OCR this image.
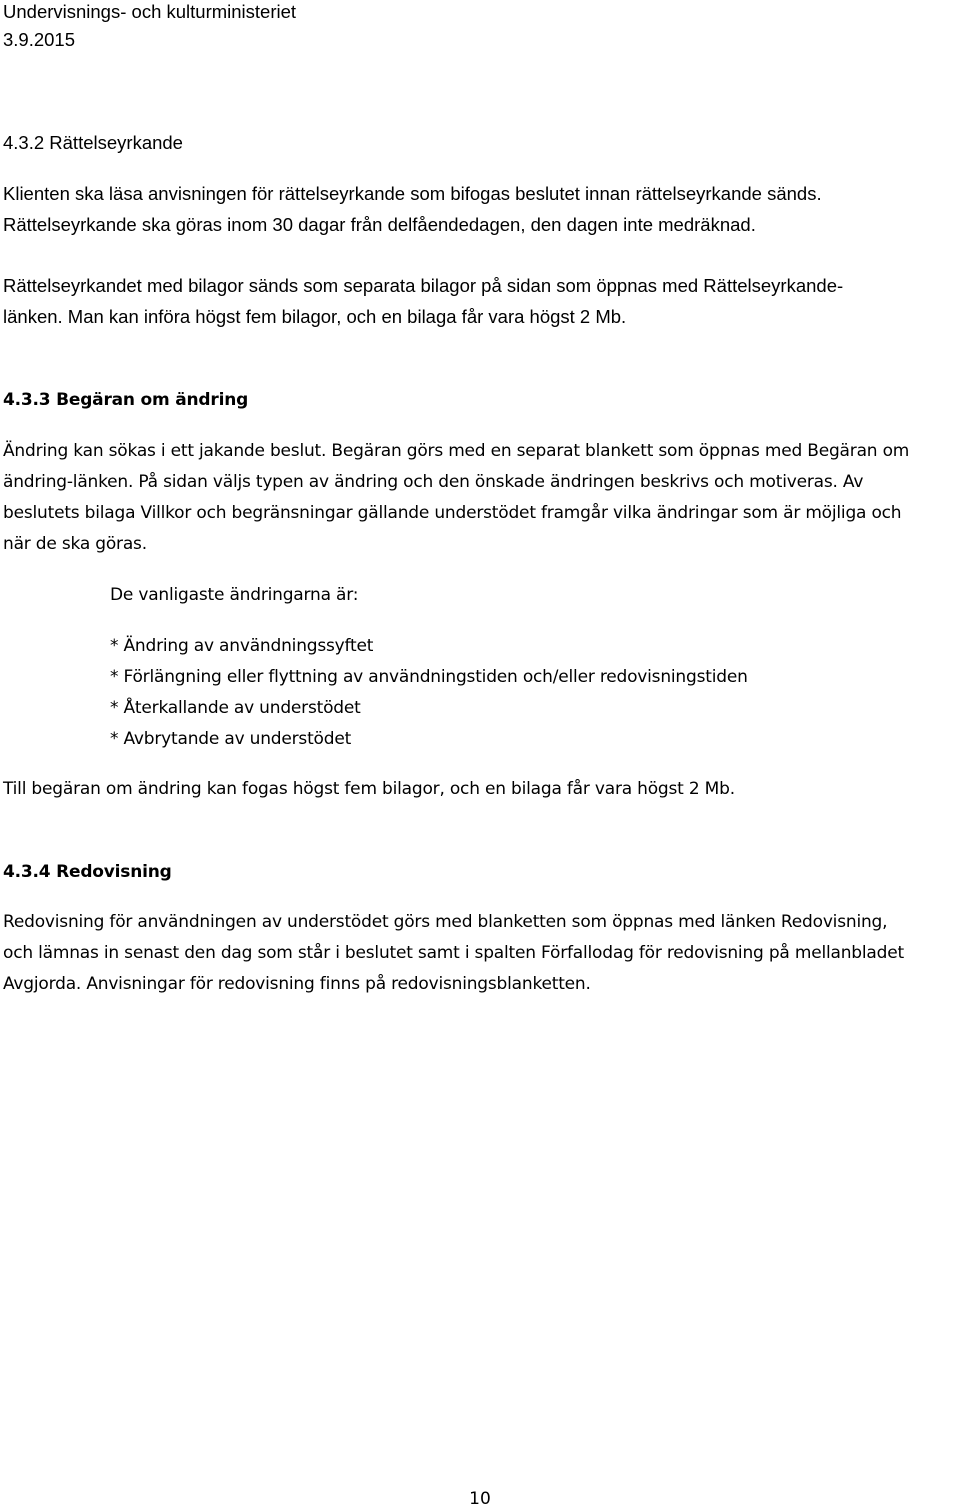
Undervisnings- och kulturministeriet
3.9.2015
4.3.2 Rättelseyrkande
Klienten ska läsa anvisningen för rättelseyrkande som bifogas beslutet innan rättelseyrkande sänds.
Rättelseyrkande ska göras inom 30 dagar från delfåendedagen, den dagen inte medräknad.
Rättelseyrkandet med bilagor sänds som separata bilagor på sidan som öppnas med Rättelseyrkande-
länken. Man kan införa högst fem bilagor, och en bilaga får vara högst 2 Mb.
4.3.3 Begäran om ändring
Ändring kan sökas i ett jakande beslut. Begäran görs med en separat blankett som öppnas med Begäran om
ändring-länken. På sidan väljs typen av ändring och den önskade ändringen beskrivs och motiveras. Av
beslutets bilaga Villkor och begränsningar gällande understödet framgår vilka ändringar som är möjliga och
när de ska göras.
De vanligaste ändringarna är:
* Ändring av användningssyftet
* Förlängning eller flyttning av användningstiden och/eller redovisningstiden
* Återkallande av understödet
* Avbrytande av understödet
Till begäran om ändring kan fogas högst fem bilagor, och en bilaga får vara högst 2 Mb.
4.3.4 Redovisning
Redovisning för användningen av understödet görs med blanketten som öppnas med länken Redovisning,
och lämnas in senast den dag som står i beslutet samt i spalten Förfallodag för redovisning på mellanbladet
Avgjorda. Anvisningar för redovisning finns på redovisningsblanketten.
10
